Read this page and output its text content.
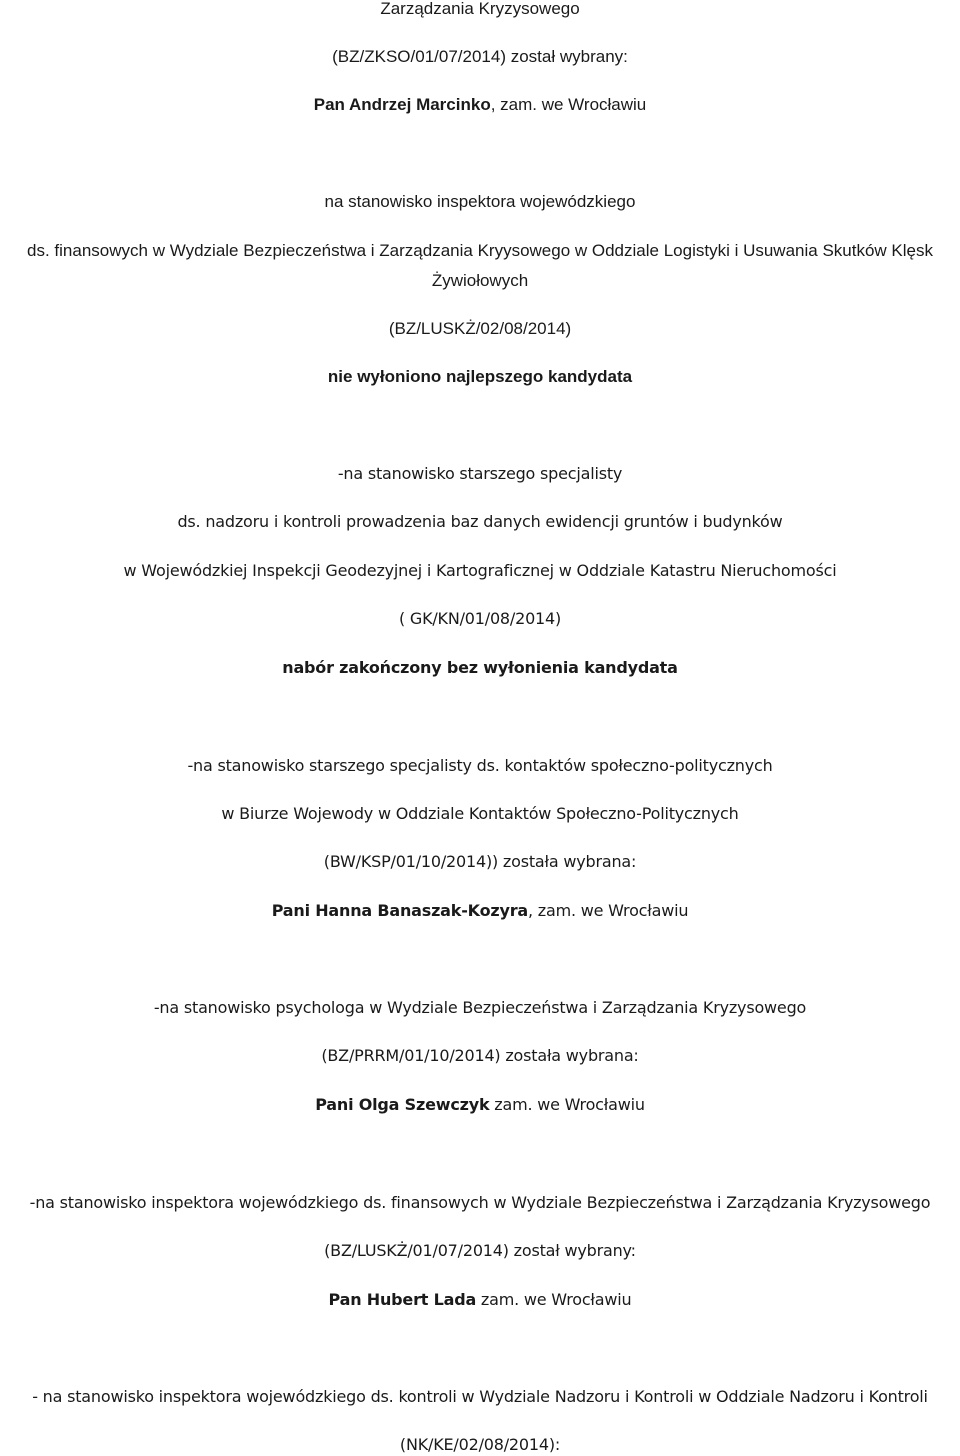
Zarządzania Kryzysowego
(BZ/ZKSO/01/07/2014) został wybrany:
Pan Andrzej Marcinko, zam. we Wrocławiu
na stanowisko inspektora wojewódzkiego
ds. finansowych w Wydziale Bezpieczeństwa i Zarządzania Kryysowego w Oddziale Logistyki i Usuwania Skutków Klęsk
Żywiołowych
(BZ/LUSKŻ/02/08/2014)
nie wyłoniono najlepszego kandydata
-na stanowisko starszego specjalisty
ds. nadzoru i kontroli prowadzenia baz danych ewidencji gruntów i budynków
w Wojewódzkiej Inspekcji Geodezyjnej i Kartograficznej w Oddziale Katastru Nieruchomości
( GK/KN/01/08/2014)
nabór zakończony bez wyłonienia kandydata
-na stanowisko starszego specjalisty ds. kontaktów społeczno-politycznych
w Biurze Wojewody w Oddziale Kontaktów Społeczno-Politycznych
(BW/KSP/01/10/2014)) została wybrana:
Pani Hanna Banaszak-Kozyra, zam. we Wrocławiu
-na stanowisko psychologa w Wydziale Bezpieczeństwa i Zarządzania Kryzysowego
(BZ/PRRM/01/10/2014) została wybrana:
Pani Olga Szewczyk zam. we Wrocławiu
-na stanowisko inspektora wojewódzkiego ds. finansowych w Wydziale Bezpieczeństwa i Zarządzania Kryzysowego
(BZ/LUSKŻ/01/07/2014) został wybrany:
Pan Hubert Lada zam. we Wrocławiu
- na stanowisko inspektora wojewódzkiego ds. kontroli w Wydziale Nadzoru i Kontroli w Oddziale Nadzoru i Kontroli
(NK/KE/02/08/2014):
